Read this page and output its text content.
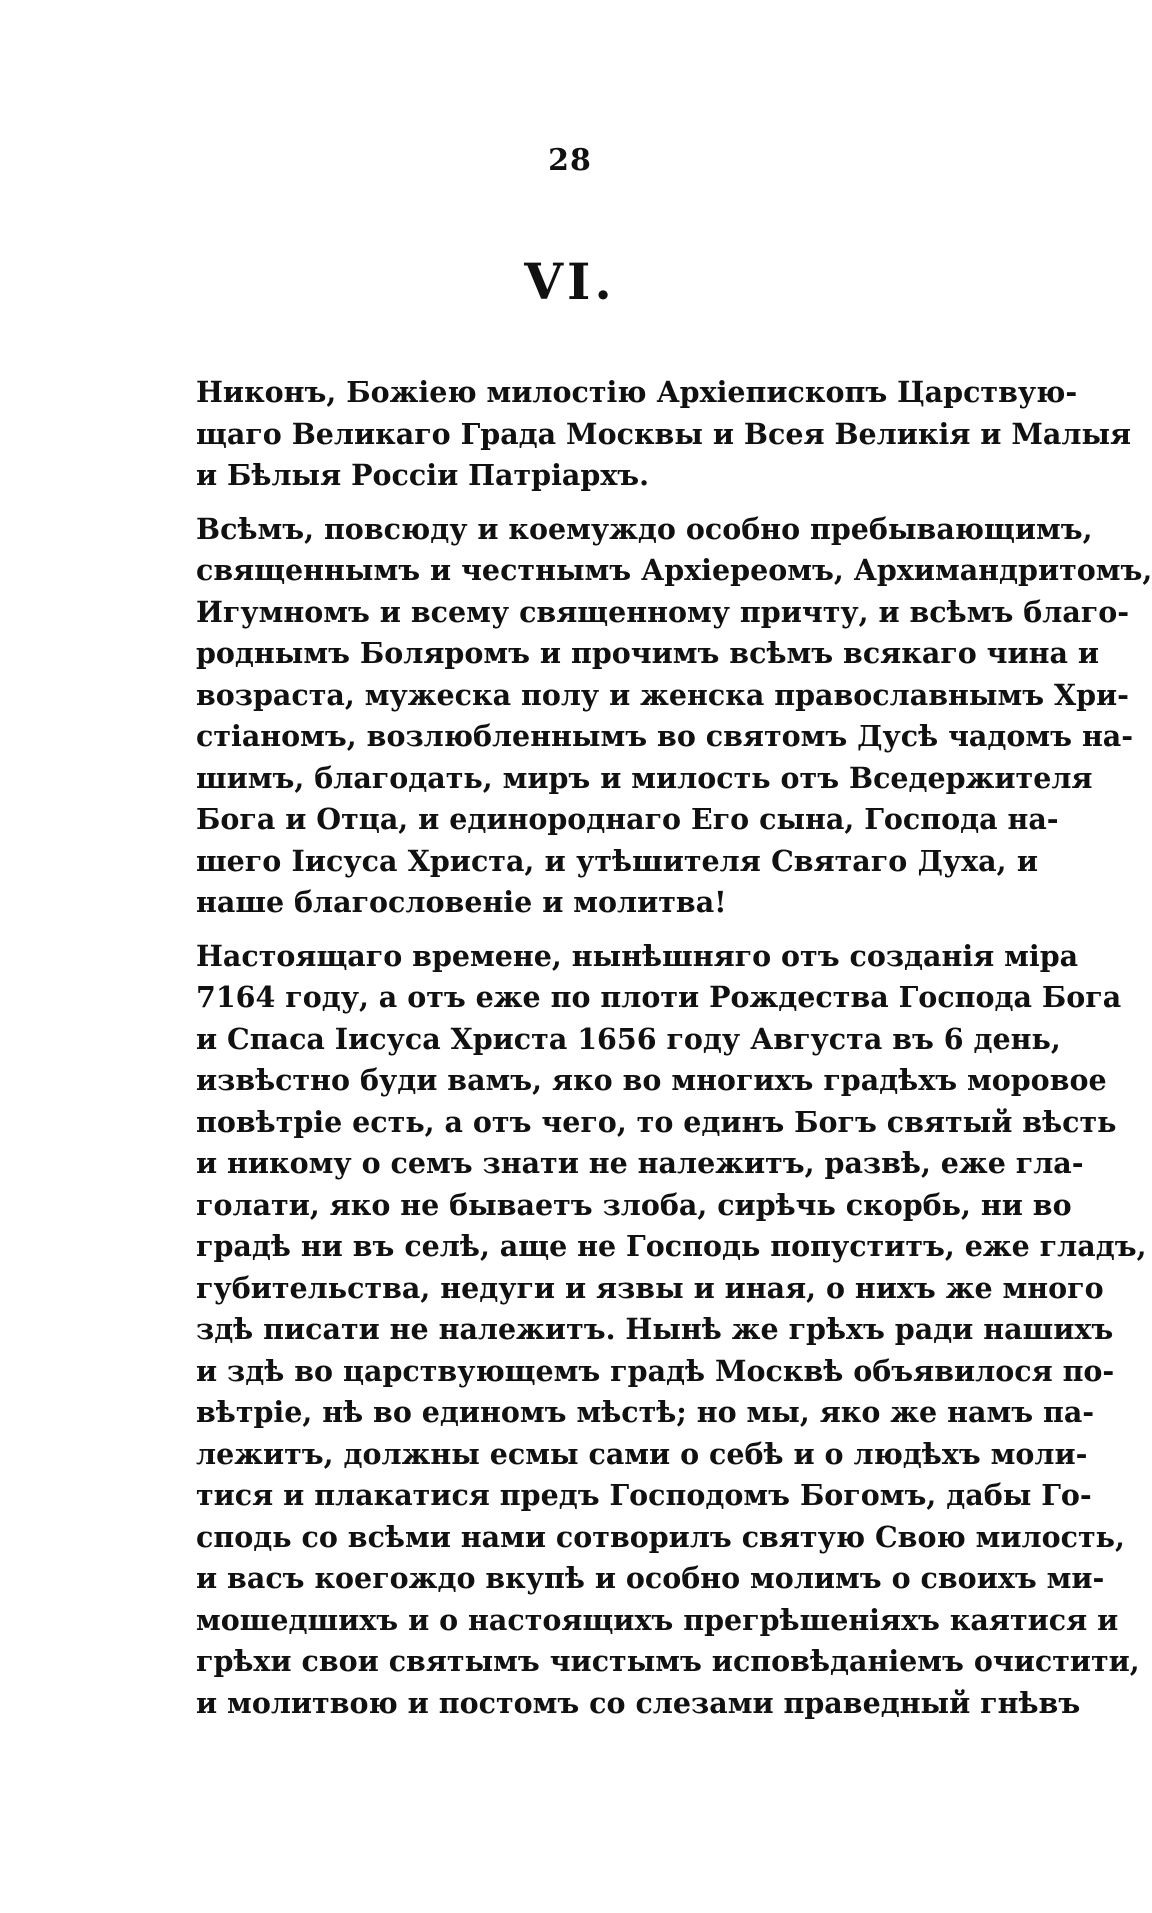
28
VI.
Никонъ, Божіею милостію Архіепископъ Царствую-
щаго Великаго Града Москвы и Всея Великія и Малыя
и Бѣлыя Россіи Патріархъ.
Всѣмъ, повсюду и коемуждо особно пребывающимъ,
священнымъ и честнымъ Архіереомъ, Архимандритомъ,
Игумномъ и всему священному причту, и всѣмъ благо-
роднымъ Боляромъ и прочимъ всѣмъ всякаго чина и
возраста, мужеска полу и женска православнымъ Хри-
стіаномъ, возлюбленнымъ во святомъ Дусѣ чадомъ на-
шимъ, благодать, миръ и милость отъ Вседержителя
Бога и Отца, и единороднаго Его сына, Господа на-
шего Іисуса Христа, и утѣшителя Святаго Духа, и
наше благословеніе и молитва!
Настоящаго времене, нынѣшняго отъ созданія міра
7164 году, а отъ еже по плоти Рождества Господа Бога
и Спаса Іисуса Христа 1656 году Августа въ 6 день,
извѣстно буди вамъ, яко во многихъ градѣхъ моровое
повѣтріе есть, а отъ чего, то единъ Богъ святый вѣсть
и никому о семъ знати не належитъ, развѣ, еже гла-
голати, яко не бываетъ злоба, сирѣчь скорбь, ни во
градѣ ни въ селѣ, аще не Господь попуститъ, еже гладъ,
губительства, недуги и язвы и иная, о нихъ же много
здѣ писати не належитъ. Нынѣ же грѣхъ ради нашихъ
и здѣ во царствующемъ градѣ Москвѣ объявилося по-
вѣтріе, нѣ во единомъ мѣстѣ; но мы, яко же намъ па-
лежитъ, должны есмы сами о себѣ и о людѣхъ моли-
тися и плакатися предъ Господомъ Богомъ, дабы Го-
сподь со всѣми нами сотворилъ святую Свою милость,
и васъ коегождо вкупѣ и особно молимъ о своихъ ми-
мошедшихъ и о настоящихъ прегрѣшеніяхъ каятися и
грѣхи свои святымъ чистымъ исповѣданіемъ очистити,
и молитвою и постомъ со слезами праведный гнѣвъ
